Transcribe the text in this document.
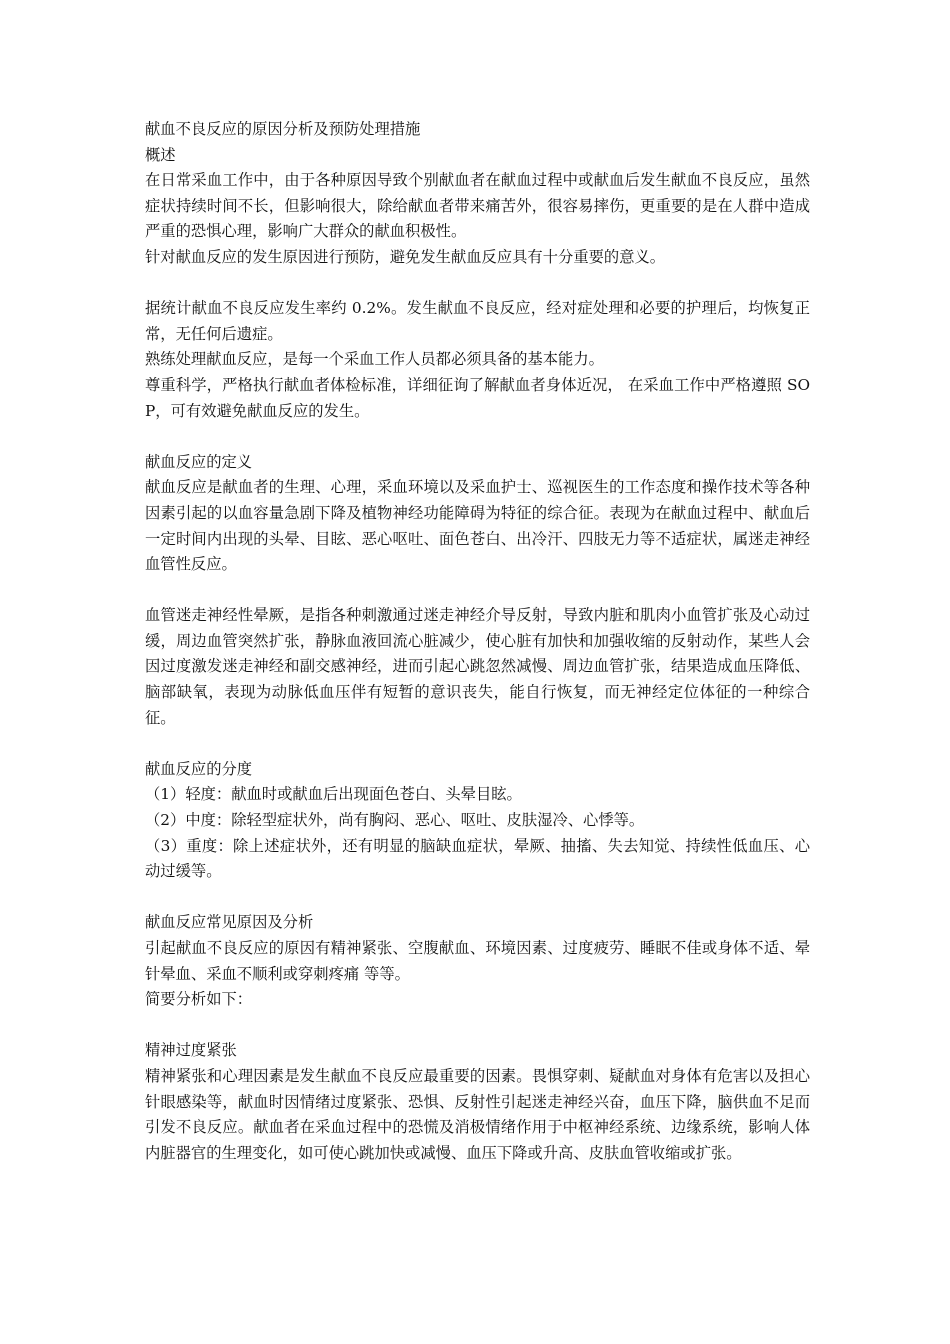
献血不良反应的原因分析及预防处理措施

概述

在日常采血工作中，由于各种原因导致个别献血者在献血过程中或献血后发生献血不良反应，虽然症状持续时间不长，但影响很大，除给献血者带来痛苦外，很容易摔伤，更重要的是在人群中造成严重的恐惧心理，影响广大群众的献血积极性。

针对献血反应的发生原因进行预防，避免发生献血反应具有十分重要的意义。

据统计献血不良反应发生率约 0.2%。发生献血不良反应，经对症处理和必要的护理后，均恢复正常，无任何后遗症。

熟练处理献血反应，是每一个采血工作人员都必须具备的基本能力。

尊重科学，严格执行献血者体检标准，详细征询了解献血者身体近况， 在采血工作中严格遵照 SOP，可有效避免献血反应的发生。

献血反应的定义

献血反应是献血者的生理、心理，采血环境以及采血护士、巡视医生的工作态度和操作技术等各种因素引起的以血容量急剧下降及植物神经功能障碍为特征的综合征。表现为在献血过程中、献血后一定时间内出现的头晕、目眩、恶心呕吐、面色苍白、出冷汗、四肢无力等不适症状，属迷走神经血管性反应。

血管迷走神经性晕厥，是指各种刺激通过迷走神经介导反射，导致内脏和肌肉小血管扩张及心动过缓，周边血管突然扩张，静脉血液回流心脏减少，使心脏有加快和加强收缩的反射动作，某些人会因过度激发迷走神经和副交感神经，进而引起心跳忽然减慢、周边血管扩张，结果造成血压降低、脑部缺氧，表现为动脉低血压伴有短暂的意识丧失，能自行恢复，而无神经定位体征的一种综合征。

献血反应的分度

（1）轻度：献血时或献血后出现面色苍白、头晕目眩。

（2）中度：除轻型症状外，尚有胸闷、恶心、呕吐、皮肤湿冷、心悸等。

（3）重度：除上述症状外，还有明显的脑缺血症状，晕厥、抽搐、失去知觉、持续性低血压、心动过缓等。

献血反应常见原因及分析

引起献血不良反应的原因有精神紧张、空腹献血、环境因素、过度疲劳、睡眠不佳或身体不适、晕针晕血、采血不顺利或穿刺疼痛 等等。

简要分析如下：

精神过度紧张

精神紧张和心理因素是发生献血不良反应最重要的因素。畏惧穿刺、疑献血对身体有危害以及担心针眼感染等，献血时因情绪过度紧张、恐惧、反射性引起迷走神经兴奋，血压下降，脑供血不足而引发不良反应。献血者在采血过程中的恐慌及消极情绪作用于中枢神经系统、边缘系统，影响人体内脏器官的生理变化，如可使心跳加快或减慢、血压下降或升高、皮肤血管收缩或扩张。
